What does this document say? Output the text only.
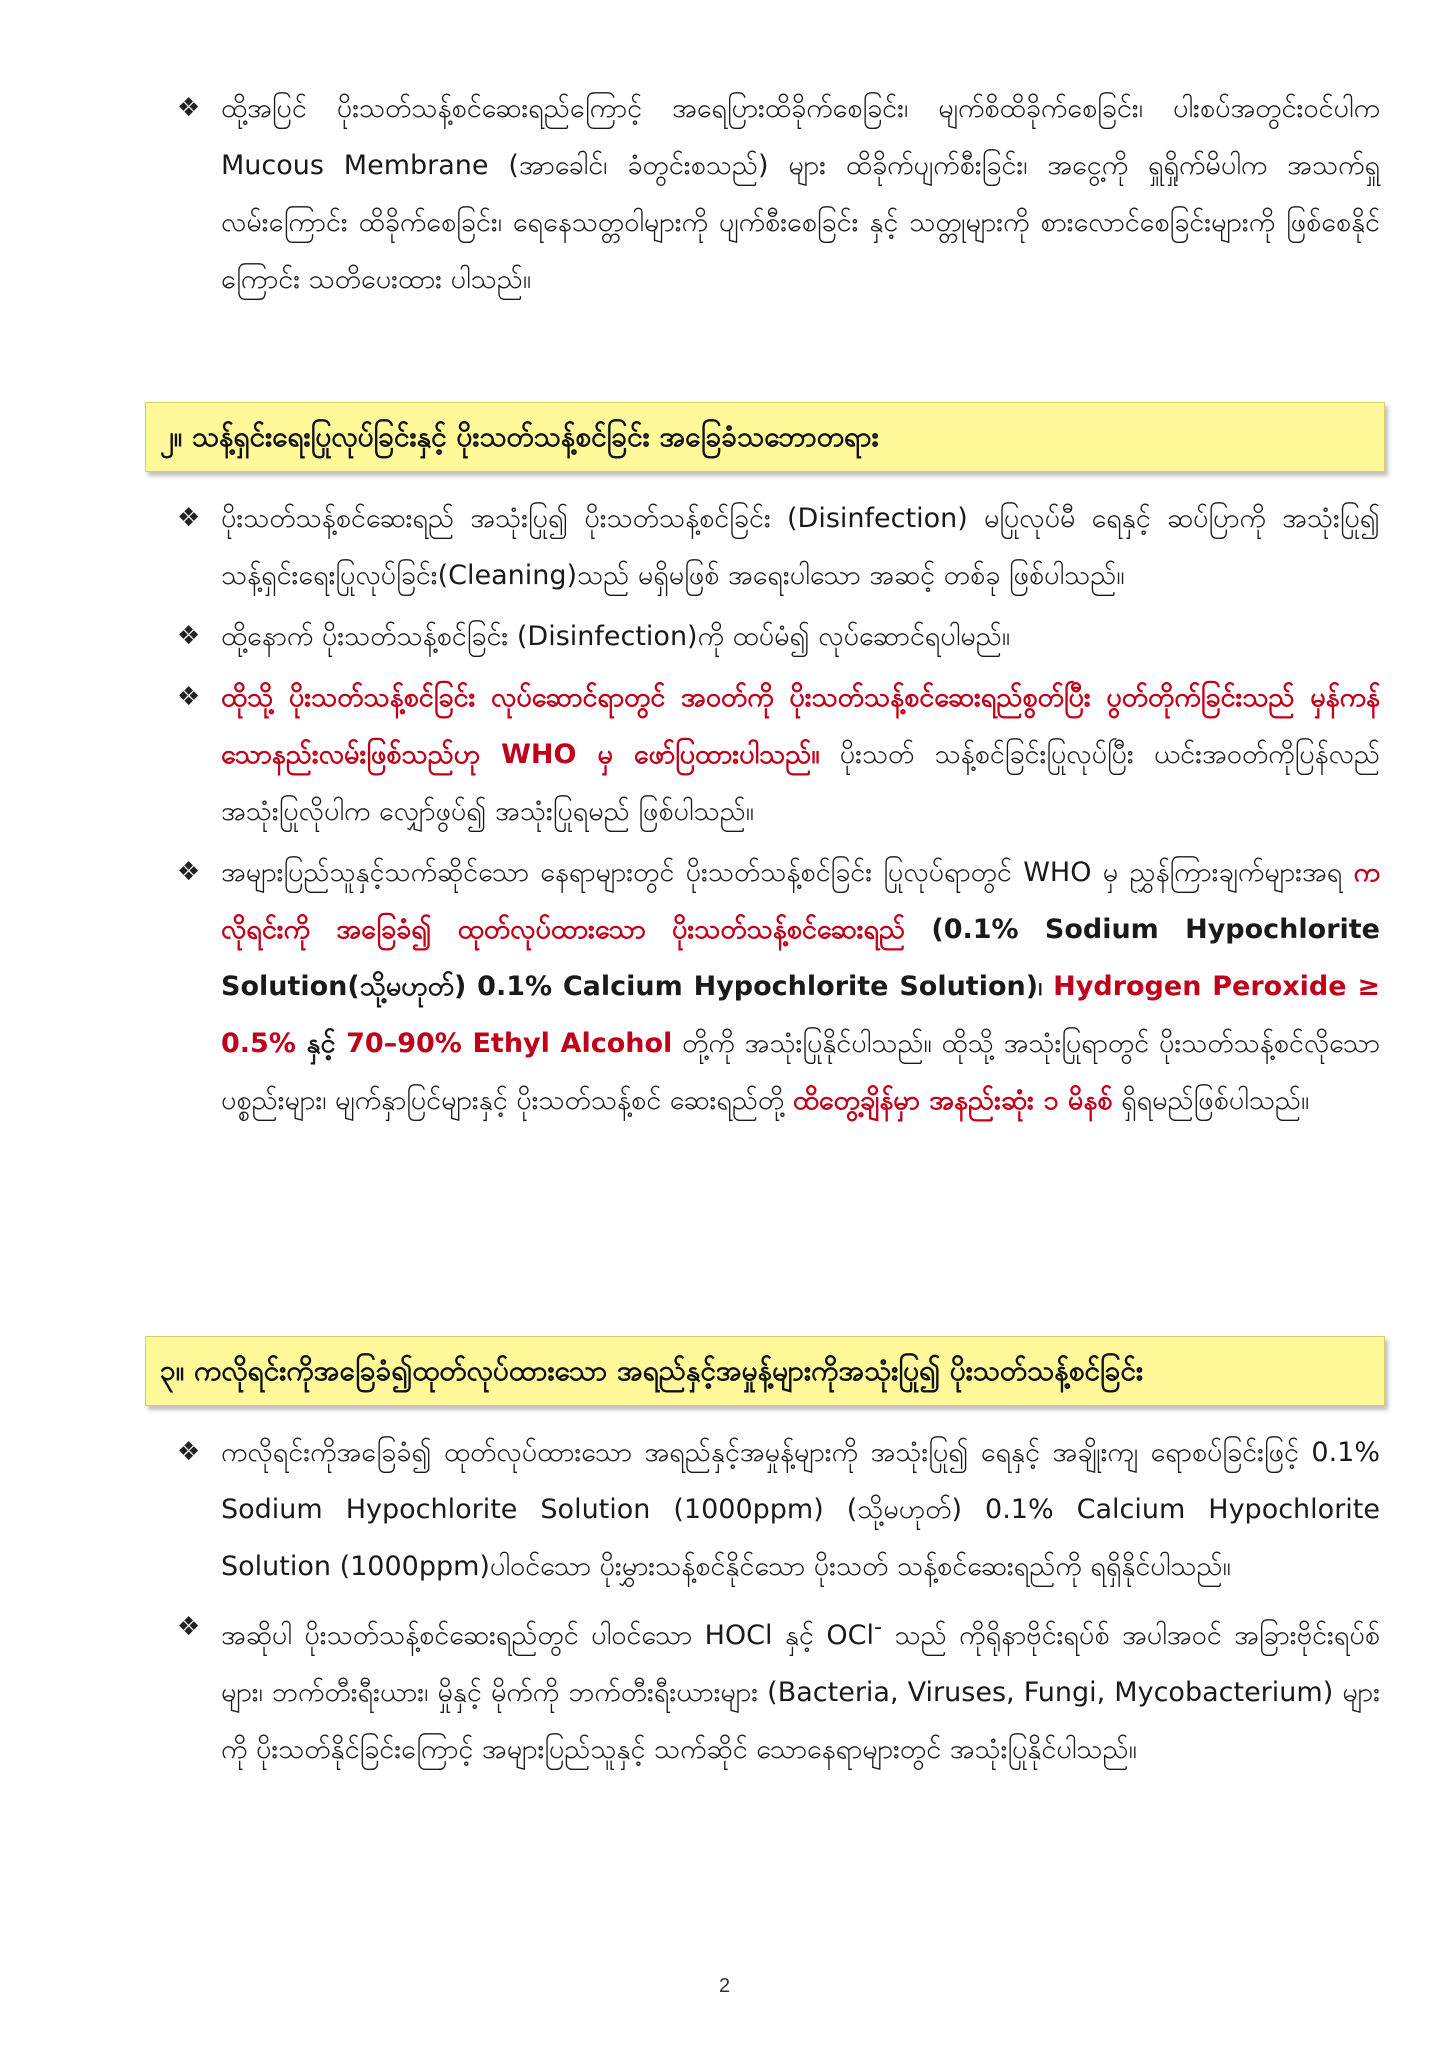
❖ ထို့အပြင် ပိုးသတ်သန့်စင်ဆေးရည်ကြောင့် အရေပြားထိခိုက်စေခြင်း၊ မျက်စိထိခိုက်စေခြင်း၊ ပါးစပ်အတွင်းဝင်ပါက Mucous Membrane (အာခေါင်၊ ခံတွင်းစသည်) များ ထိခိုက်ပျက်စီးခြင်း၊ အငွေ့ကို ရှူရှိုက်မိပါက အသက်ရှူလမ်းကြောင်း ထိခိုက်စေခြင်း၊ ရေနေသတ္တဝါများကို ပျက်စီးစေခြင်း နှင့် သတ္တုများကို စားလောင်စေခြင်းများကို ဖြစ်စေနိုင်ကြောင်း သတိပေးထား ပါသည်။

၂။ သန့်ရှင်းရေးပြုလုပ်ခြင်းနှင့် ပိုးသတ်သန့်စင်ခြင်း အခြေခံသဘောတရား

❖ ပိုးသတ်သန့်စင်ဆေးရည် အသုံးပြု၍ ပိုးသတ်သန့်စင်ခြင်း (Disinfection) မပြုလုပ်မီ ရေနှင့် ဆပ်ပြာကို အသုံးပြု၍ သန့်ရှင်းရေးပြုလုပ်ခြင်း(Cleaning)သည် မရှိမဖြစ် အရေးပါသော အဆင့် တစ်ခု ဖြစ်ပါသည်။

❖ ထို့နောက် ပိုးသတ်သန့်စင်ခြင်း (Disinfection)ကို ထပ်မံ၍ လုပ်ဆောင်ရပါမည်။

❖ ထိုသို့ ပိုးသတ်သန့်စင်ခြင်း လုပ်ဆောင်ရာတွင် အဝတ်ကို ပိုးသတ်သန့်စင်ဆေးရည်စွတ်ပြီး ပွတ်တိုက်ခြင်းသည် မှန်ကန်သောနည်းလမ်းဖြစ်သည်ဟု WHO မှ ဖော်ပြထားပါသည်။ ပိုးသတ် သန့်စင်ခြင်းပြုလုပ်ပြီး ယင်းအဝတ်ကိုပြန်လည်အသုံးပြုလိုပါက လျှော်ဖွပ်၍ အသုံးပြုရမည် ဖြစ်ပါသည်။

❖ အများပြည်သူနှင့်သက်ဆိုင်သော နေရာများတွင် ပိုးသတ်သန့်စင်ခြင်း ပြုလုပ်ရာတွင် WHO မှ ညွှန်ကြားချက်များအရ ကလိုရင်းကို အခြေခံ၍ ထုတ်လုပ်ထားသော ပိုးသတ်သန့်စင်ဆေးရည် (0.1% Sodium Hypochlorite Solution(သို့မဟုတ်) 0.1% Calcium Hypochlorite Solution)၊ Hydrogen Peroxide ≥ 0.5% နှင့် 70–90% Ethyl Alcohol တို့ကို အသုံးပြုနိုင်ပါသည်။ ထိုသို့ အသုံးပြုရာတွင် ပိုးသတ်သန့်စင်လိုသော ပစ္စည်းများ၊ မျက်နှာပြင်များနှင့် ပိုးသတ်သန့်စင် ဆေးရည်တို့ ထိတွေ့ချိန်မှာ အနည်းဆုံး ၁ မိနစ် ရှိရမည်ဖြစ်ပါသည်။

၃။ ကလိုရင်းကိုအခြေခံ၍ထုတ်လုပ်ထားသော အရည်နှင့်အမှုန့်များကိုအသုံးပြု၍ ပိုးသတ်သန့်စင်ခြင်း

❖ ကလိုရင်းကိုအခြေခံ၍ ထုတ်လုပ်ထားသော အရည်နှင့်အမှုန့်များကို အသုံးပြု၍ ရေနှင့် အချိုးကျ ရောစပ်ခြင်းဖြင့် 0.1% Sodium Hypochlorite Solution (1000ppm) (သို့မဟုတ်) 0.1% Calcium Hypochlorite Solution (1000ppm)ပါဝင်သော ပိုးမွှားသန့်စင်နိုင်သော ပိုးသတ် သန့်စင်ဆေးရည်ကို ရရှိနိုင်ပါသည်။

❖ အဆိုပါ ပိုးသတ်သန့်စင်ဆေးရည်တွင် ပါဝင်သော HOCl နှင့် OCl- သည် ကိုရိုနာဗိုင်းရပ်စ် အပါအဝင် အခြားဗိုင်းရပ်စ်များ၊ ဘက်တီးရီးယား၊ မှိုနှင့် မိုက်ကို ဘက်တီးရီးယားများ (Bacteria, Viruses, Fungi, Mycobacterium) များကို ပိုးသတ်နိုင်ခြင်းကြောင့် အများပြည်သူနှင့် သက်ဆိုင် သောနေရာများတွင် အသုံးပြုနိုင်ပါသည်။

2
